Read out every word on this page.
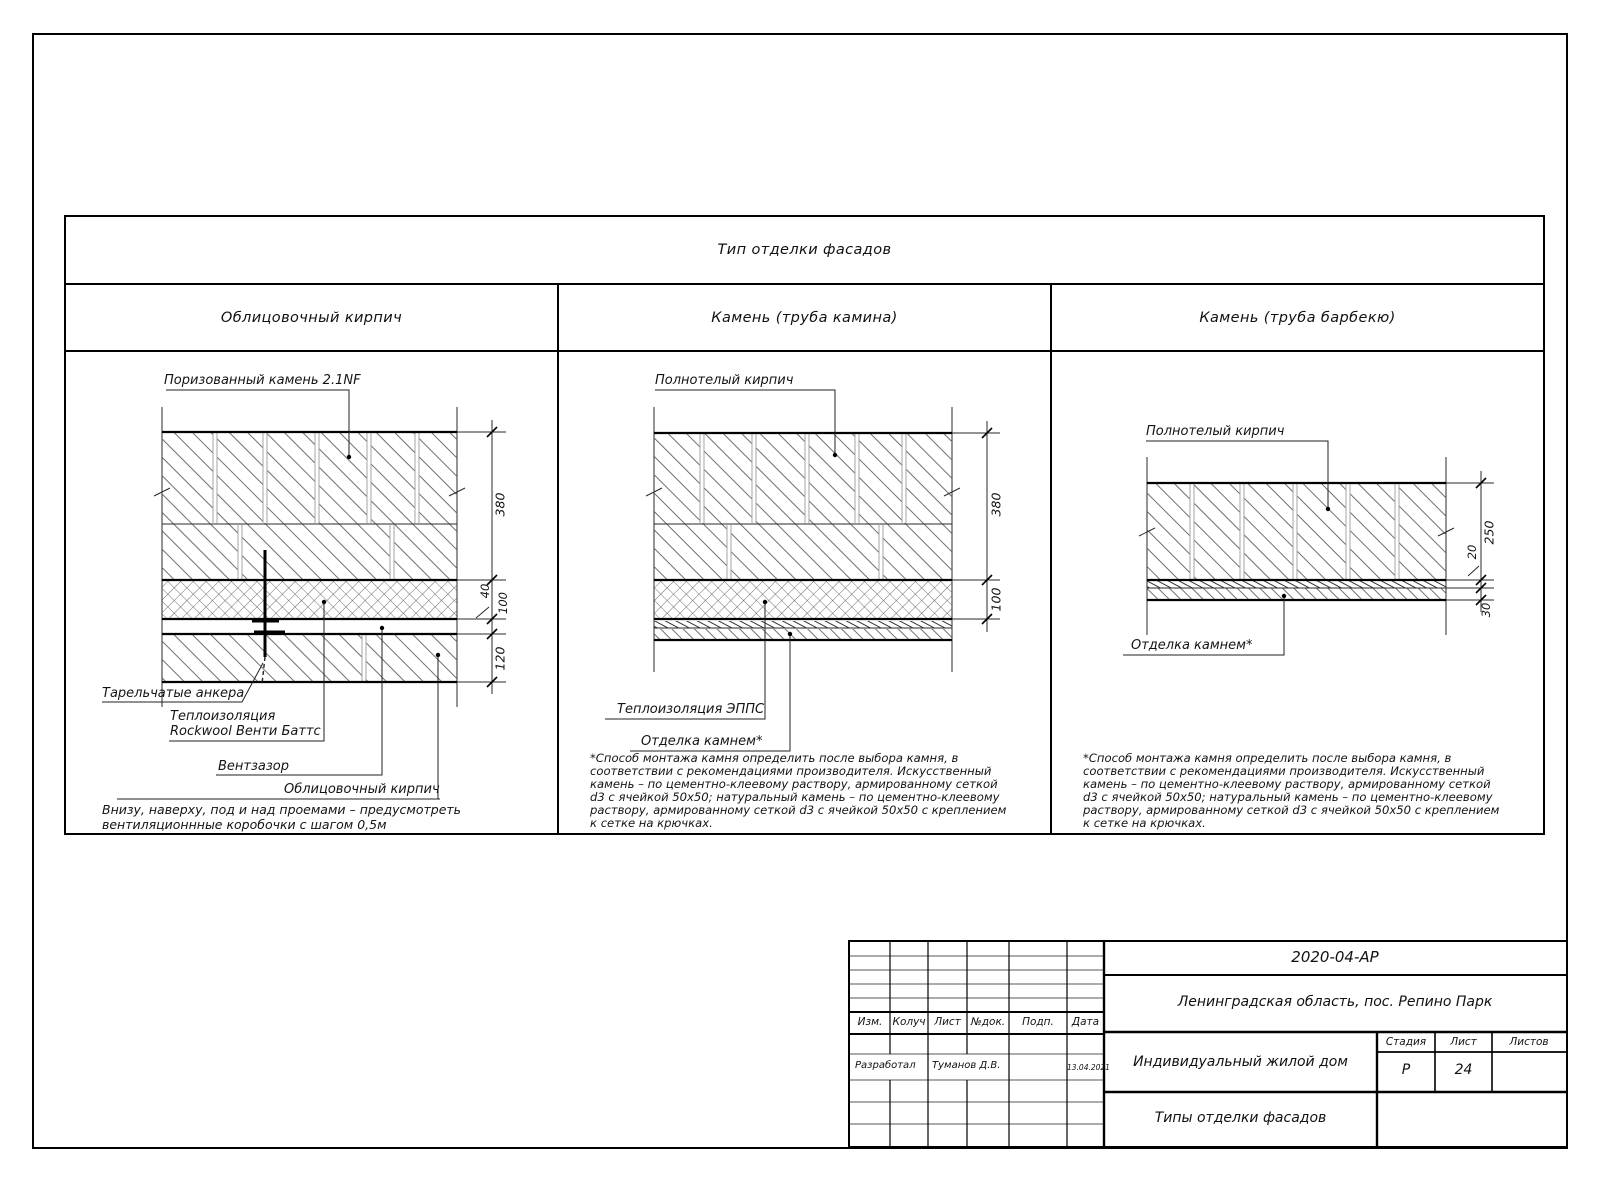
Тип отделки фасадов
Облицовочный кирпич	Камень (труба камина)	Камень (труба барбекю)
Поризованный камень 2.1NF
380
40
100
120
Тарельчатые анкера
Теплоизоляция
Rockwool Венти Баттс
Вентзазор
Облицовочный кирпич
Внизу, наверху, под и над проемами – предусмотреть
вентиляционнные коробочки с шагом 0,5м
Полнотелый кирпич
380
100
Теплоизоляция ЭППС
Отделка камнем*
*Способ монтажа камня определить после выбора камня, в
соответствии с рекомендациями производителя. Искусственный
камень – по цементно-клеевому раствору, армированному сеткой
d3 с ячейкой 50х50; натуральный камень – по цементно-клеевому
раствору, армированному сеткой d3 с ячейкой 50х50 с креплением
к сетке на крючках.
Полнотелый кирпич
250
20
30
Отделка камнем*
*Способ монтажа камня определить после выбора камня, в
соответствии с рекомендациями производителя. Искусственный
камень – по цементно-клеевому раствору, армированному сеткой
d3 с ячейкой 50х50; натуральный камень – по цементно-клеевому
раствору, армированному сеткой d3 с ячейкой 50х50 с креплением
к сетке на крючках.
2020-04-АР
Ленинградская область, пос. Репино Парк
Индивидуальный жилой дом
Типы отделки фасадов
Стадия	Лист	Листов
Р	24
Изм. Колуч Лист №док.	Подп.	Дата
Разработал Туманов Д.В.	13.04.2021
